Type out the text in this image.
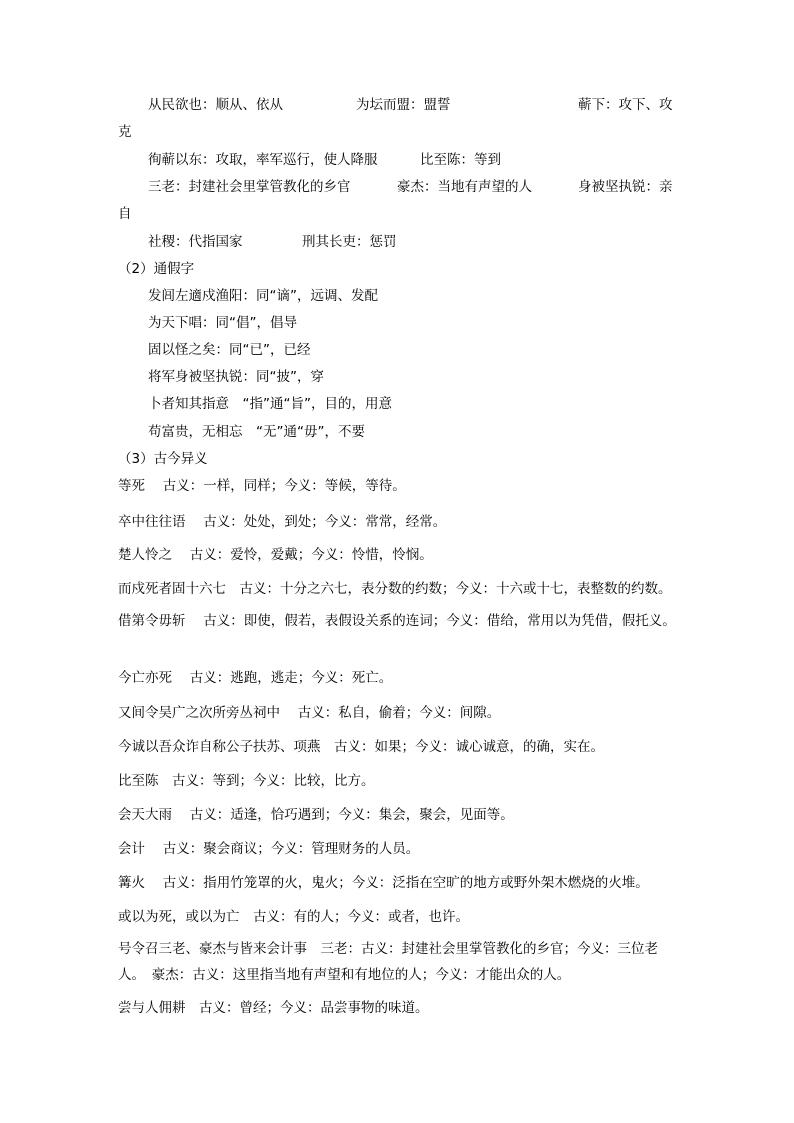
从民欲也：顺从、依从	为坛而盟：盟誓	蕲下：攻下、攻
克
徇蕲以东：攻取，率军巡行，使人降服	比至陈：等到
三老：封建社会里掌管教化的乡官	豪杰：当地有声望的人	身被坚执锐：亲
自
社稷：代指国家	刑其长吏：惩罚

（2）通假字

发闾左適戍渔阳：同“谪”，远调、发配

为天下唱：同“倡”，倡导

固以怪之矣：同“已”，已经

将军身被坚执锐：同“披”，穿

卜者知其指意　“指”通“旨”，目的，用意

苟富贵，无相忘　“无”通“毋”，不要

（3）古今异义

等死　 古义：一样，同样；今义：等候，等待。

卒中往往语　 古义：处处，到处；今义：常常，经常。

楚人怜之　 古义：爱怜，爱戴；今义：怜惜，怜悯。

而戍死者固十六七　古义：十分之六七，表分数的约数；今义：十六或十七，表整数的约数。

借第令毋斩　 古义：即使，假若，表假设关系的连词；今义：借给，常用以为凭借，假托义。

今亡亦死　 古义：逃跑，逃走；今义：死亡。

又间令吴广之次所旁丛祠中　 古义：私自，偷着；今义：间隙。

今诚以吾众诈自称公子扶苏、项燕　古义：如果；今义：诚心诚意，的确，实在。

比至陈　古义：等到；今义：比较，比方。

会天大雨　 古义：适逢，恰巧遇到；今义：集会，聚会，见面等。

会计　 古义：聚会商议；今义：管理财务的人员。

篝火　 古义：指用竹笼罩的火，鬼火；今义：泛指在空旷的地方或野外架木燃烧的火堆。

或以为死，或以为亡　古义：有的人；今义：或者，也许。

号令召三老、豪杰与皆来会计事　三老：古义：封建社会里掌管教化的乡官；今义：三位老人。　豪杰：古义：这里指当地有声望和有地位的人；今义：才能出众的人。

尝与人佣耕　古义：曾经；今义：品尝事物的味道。
